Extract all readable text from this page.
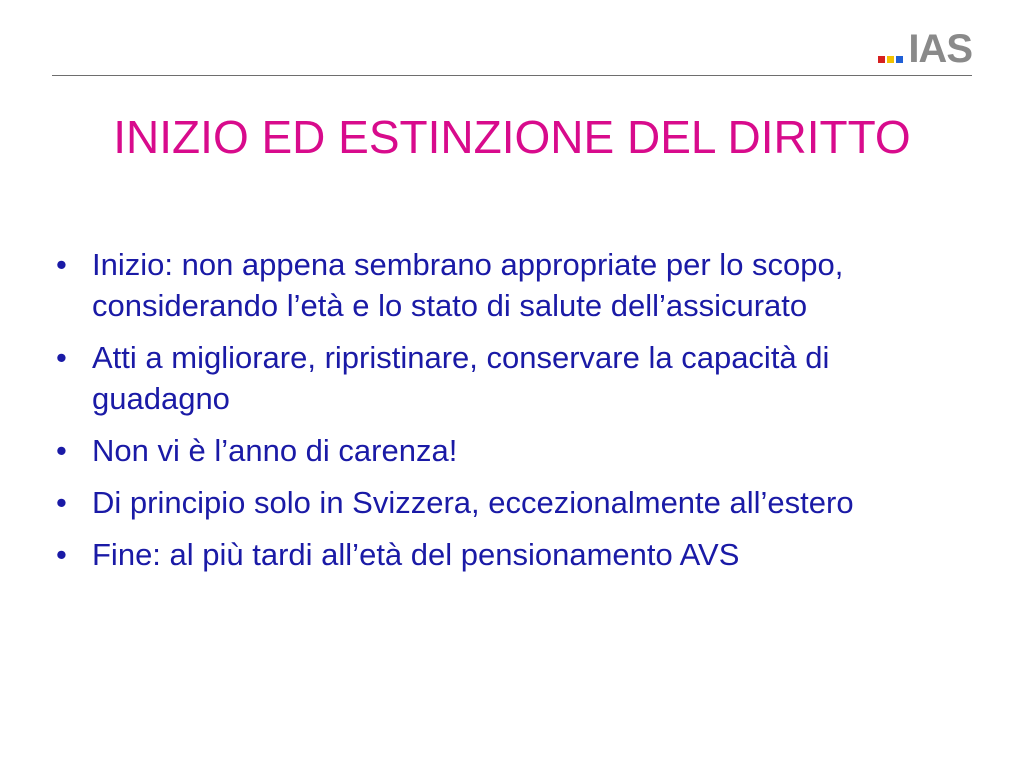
IAS
INIZIO ED ESTINZIONE DEL DIRITTO
• Inizio: non appena sembrano appropriate per lo scopo, considerando l’età e lo stato di salute dell’assicurato
• Atti a migliorare, ripristinare, conservare la capacità di guadagno
• Non vi è l’anno di carenza!
• Di principio solo in Svizzera, eccezionalmente all’estero
• Fine: al più tardi all’età del pensionamento AVS
